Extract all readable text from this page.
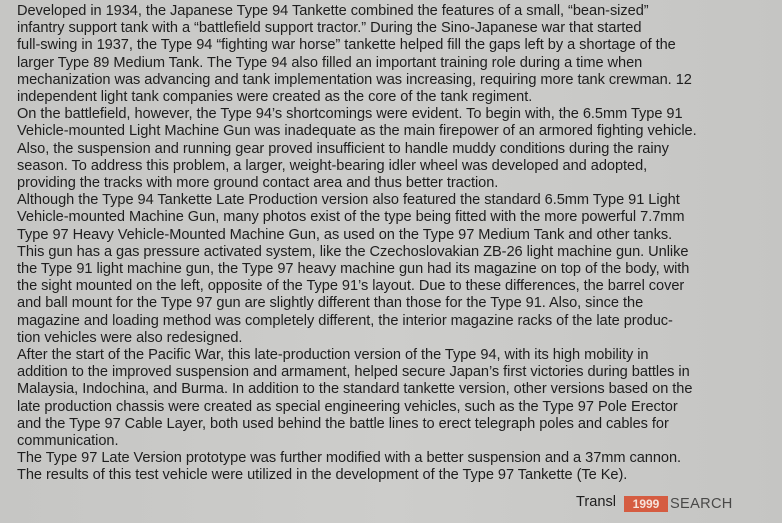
Developed in 1934, the Japanese Type 94 Tankette combined the features of a small, “bean-sized”
infantry support tank with a “battlefield support tractor.” During the Sino-Japanese war that started
full-swing in 1937, the Type 94 “fighting war horse” tankette helped fill the gaps left by a shortage of the
larger Type 89 Medium Tank. The Type 94 also filled an important training role during a time when
mechanization was advancing and tank implementation was increasing, requiring more tank crewman. 12
independent light tank companies were created as the core of the tank regiment.
On the battlefield, however, the Type 94’s shortcomings were evident. To begin with, the 6.5mm Type 91
Vehicle-mounted Light Machine Gun was inadequate as the main firepower of an armored fighting vehicle.
Also, the suspension and running gear proved insufficient to handle muddy conditions during the rainy
season. To address this problem, a larger, weight-bearing idler wheel was developed and adopted,
providing the tracks with more ground contact area and thus better traction.
Although the Type 94 Tankette Late Production version also featured the standard 6.5mm Type 91 Light
Vehicle-mounted Machine Gun, many photos exist of the type being fitted with the more powerful 7.7mm
Type 97 Heavy Vehicle-Mounted Machine Gun, as used on the Type 97 Medium Tank and other tanks.
This gun has a gas pressure activated system, like the Czechoslovakian ZB-26 light machine gun. Unlike
the Type 91 light machine gun, the Type 97 heavy machine gun had its magazine on top of the body, with
the sight mounted on the left, opposite of the Type 91’s layout. Due to these differences, the barrel cover
and ball mount for the Type 97 gun are slightly different than those for the Type 91. Also, since the
magazine and loading method was completely different, the interior magazine racks of the late produc-
tion vehicles were also redesigned.
After the start of the Pacific War, this late-production version of the Type 94, with its high mobility in
addition to the improved suspension and armament, helped secure Japan’s first victories during battles in
Malaysia, Indochina, and Burma. In addition to the standard tankette version, other versions based on the
late production chassis were created as special engineering vehicles, such as the Type 97 Pole Erector
and the Type 97 Cable Layer, both used behind the battle lines to erect telegraph poles and cables for
communication.
The Type 97 Late Version prototype was further modified with a better suspension and a 37mm cannon.
The results of this test vehicle were utilized in the development of the Type 97 Tankette (Te Ke).
Transl	1999 SEARCH
